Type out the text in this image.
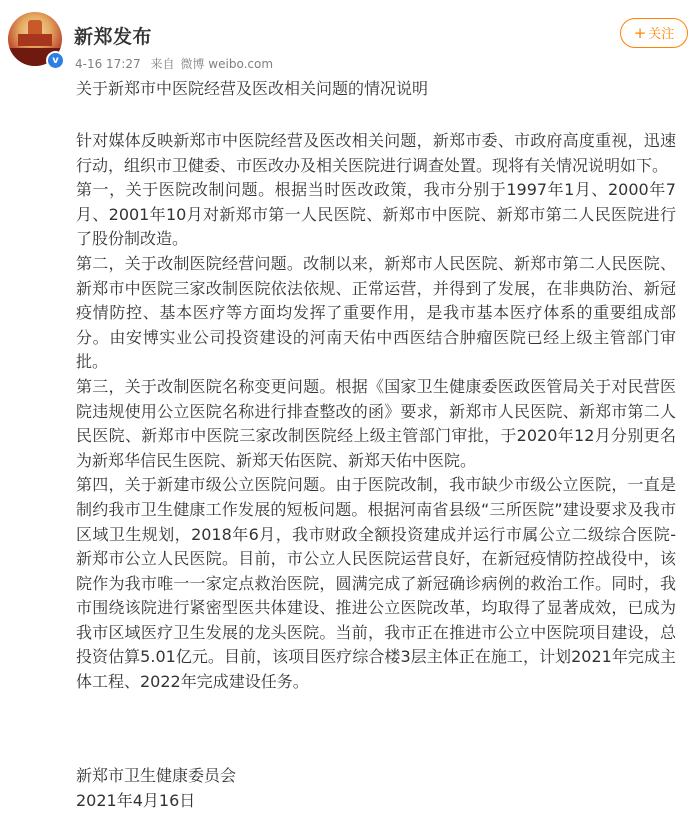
v
新郑发布
4-16 17:27 来自 微博 weibo.com
+ 关注
关于新郑市中医院经营及医改相关问题的情况说明

针对媒体反映新郑市中医院经营及医改相关问题，新郑市委、市政府高度重视，迅速行动，组织市卫健委、市医改办及相关医院进行调查处置。现将有关情况说明如下。

第一，关于医院改制问题。根据当时医改政策，我市分别于1997年1月、2000年7月、2001年10月对新郑市第一人民医院、新郑市中医院、新郑市第二人民医院进行了股份制改造。

第二，关于改制医院经营问题。改制以来，新郑市人民医院、新郑市第二人民医院、新郑市中医院三家改制医院依法依规、正常运营，并得到了发展，在非典防治、新冠疫情防控、基本医疗等方面均发挥了重要作用，是我市基本医疗体系的重要组成部分。由安博实业公司投资建设的河南天佑中西医结合肿瘤医院已经上级主管部门审批。

第三，关于改制医院名称变更问题。根据《国家卫生健康委医政医管局关于对民营医院违规使用公立医院名称进行排查整改的函》要求，新郑市人民医院、新郑市第二人民医院、新郑市中医院三家改制医院经上级主管部门审批，于2020年12月分别更名为新郑华信民生医院、新郑天佑医院、新郑天佑中医院。

第四，关于新建市级公立医院问题。由于医院改制，我市缺少市级公立医院，一直是制约我市卫生健康工作发展的短板问题。根据河南省县级“三所医院”建设要求及我市区域卫生规划，2018年6月，我市财政全额投资建成并运行市属公立二级综合医院-新郑市公立人民医院。目前，市公立人民医院运营良好，在新冠疫情防控战役中，该院作为我市唯一一家定点救治医院，圆满完成了新冠确诊病例的救治工作。同时，我市围绕该院进行紧密型医共体建设、推进公立医院改革，均取得了显著成效，已成为我市区域医疗卫生发展的龙头医院。当前，我市正在推进市公立中医院项目建设，总投资估算5.01亿元。目前，该项目医疗综合楼3层主体正在施工，计划2021年完成主体工程、2022年完成建设任务。

新郑市卫生健康委员会
2021年4月16日
